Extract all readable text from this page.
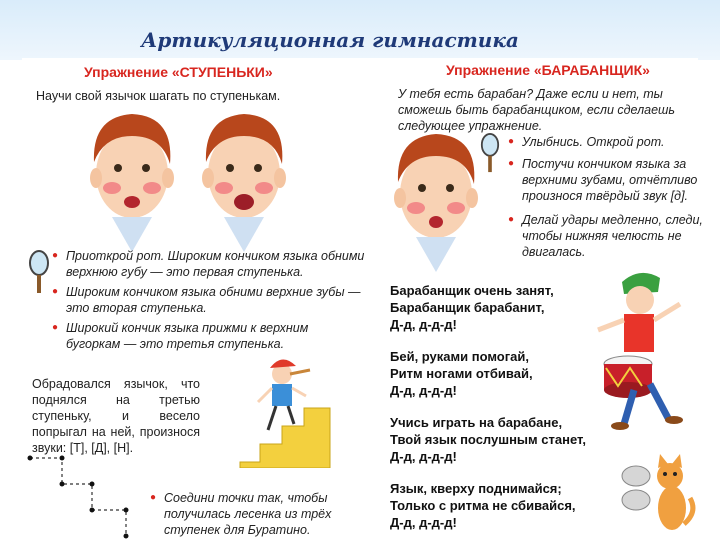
Артикуляционная гимнастика
Упражнение «СТУПЕНЬКИ»
Научи свой язычок шагать по ступенькам.
● Приоткрой рот. Широким кончиком языка обними верхнюю губу — это первая ступенька.
● Широким кончиком языка обними верхние зубы — это вторая ступенька.
● Широкий кончик языка прижми к верхним бугоркам — это третья ступенька.
Обрадовался язычок, что поднялся на третью ступеньку, и весело попрыгал на ней, произнося звуки: [Т], [Д], [Н].
● Соедини точки так, чтобы получилась лесенка из трёх ступенек для Буратино.
Упражнение «БАРАБАНЩИК»
У тебя есть барабан? Даже если и нет, ты сможешь быть барабанщиком, если сделаешь следующее упражнение.
● Улыбнись. Открой рот.
● Постучи кончиком языка за верхними зубами, отчётливо произнося твёрдый звук [д].
● Делай удары медленно, следи, чтобы нижняя челюсть не двигалась.
Барабанщик очень занят,
Барабанщик барабанит,
Д-д, д-д-д!
Бей, руками помогай,
Ритм ногами отбивай,
Д-д, д-д-д!
Учись играть на барабане,
Твой язык послушным станет,
Д-д, д-д-д!
Язык, кверху поднимайся;
Только с ритма не сбивайся,
Д-д, д-д-д!
